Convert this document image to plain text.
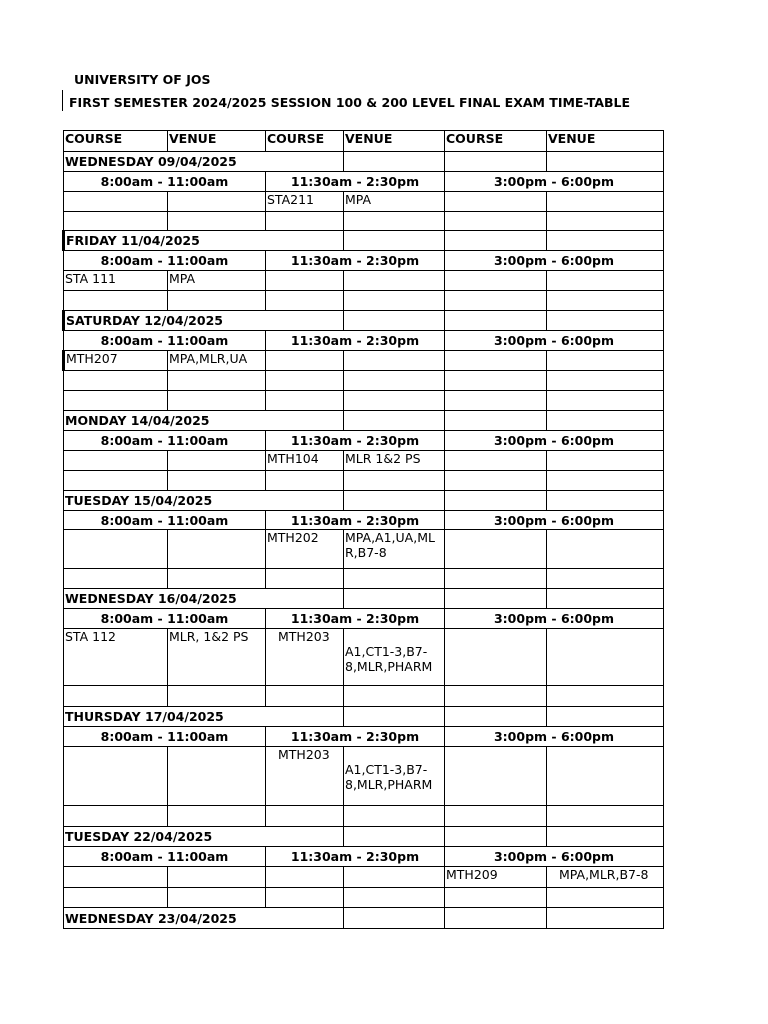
UNIVERSITY OF JOS
FIRST SEMESTER 2024/2025 SESSION 100 & 200 LEVEL FINAL EXAM TIME-TABLE
COURSE	VENUE	COURSE	VENUE	COURSE	VENUE
WEDNESDAY 09/04/2025					
8:00am - 11:00am		11:30am - 2:30pm		3:00pm - 6:00pm	
		STA211	MPA		

FRIDAY 11/04/2025					
8:00am - 11:00am		11:30am - 2:30pm		3:00pm - 6:00pm	
STA 111	MPA				

SATURDAY 12/04/2025					
8:00am - 11:00am		11:30am - 2:30pm		3:00pm - 6:00pm	
MTH207	MPA,MLR,UA				

MONDAY 14/04/2025					
8:00am - 11:00am		11:30am - 2:30pm		3:00pm - 6:00pm	
		MTH104	MLR 1&2 PS		

TUESDAY 15/04/2025					
8:00am - 11:00am		11:30am - 2:30pm		3:00pm - 6:00pm	
		MTH202	MPA,A1,UA,ML R,B7-8		

WEDNESDAY 16/04/2025					
8:00am - 11:00am		11:30am - 2:30pm		3:00pm - 6:00pm	
STA 112	MLR, 1&2 PS	MTH203	A1,CT1-3,B7- 8,MLR,PHARM		

THURSDAY 17/04/2025					
8:00am - 11:00am		11:30am - 2:30pm		3:00pm - 6:00pm	
		MTH203	A1,CT1-3,B7- 8,MLR,PHARM		

TUESDAY 22/04/2025					
8:00am - 11:00am		11:30am - 2:30pm		3:00pm - 6:00pm	
				MTH209	MPA,MLR,B7-8

WEDNESDAY 23/04/2025					
